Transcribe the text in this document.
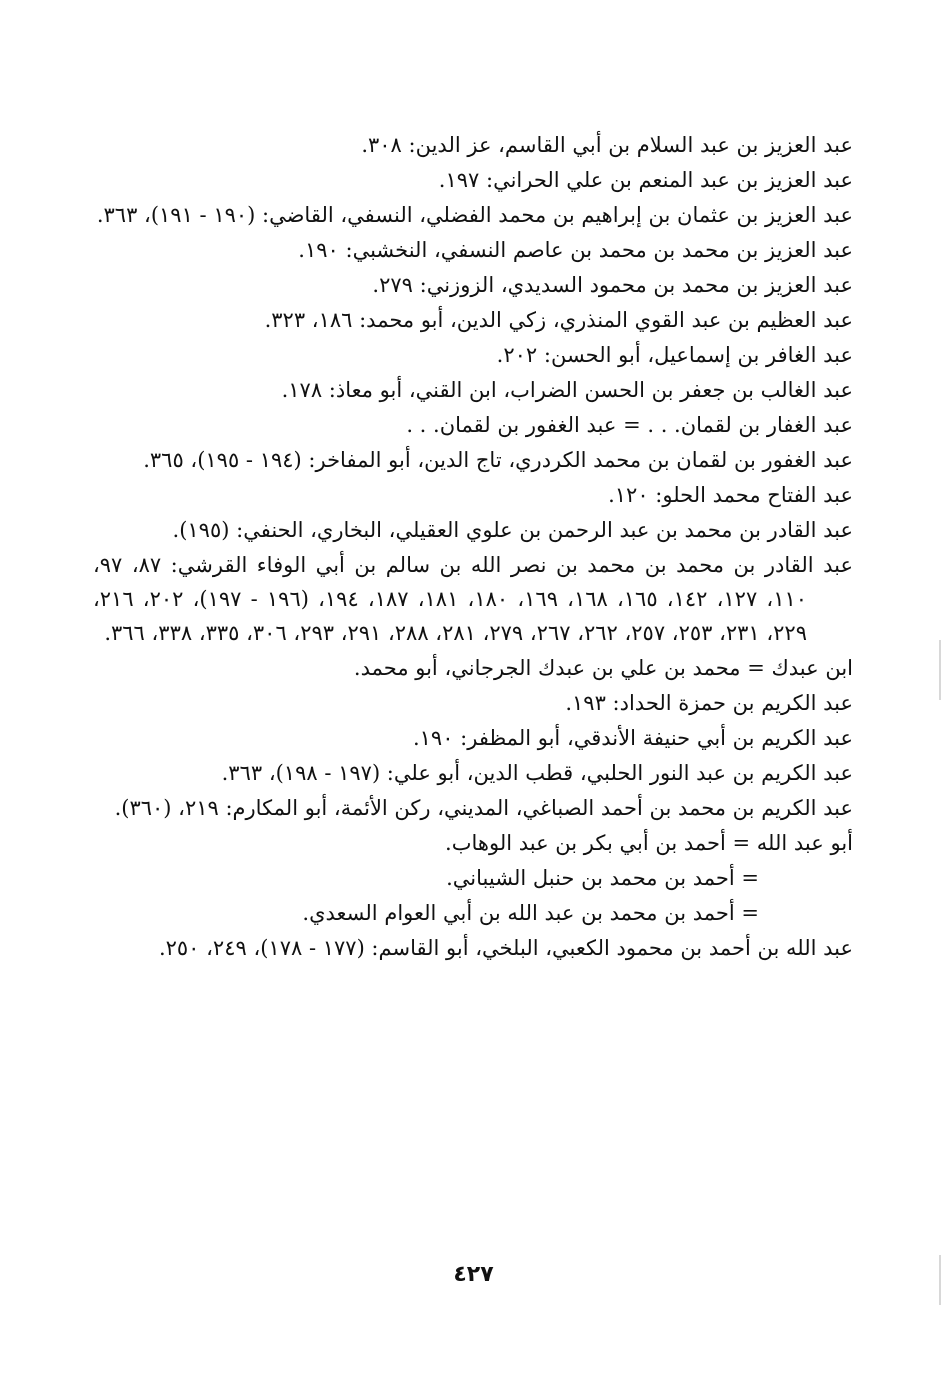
عبد العزيز بن عبد السلام بن أبي القاسم، عز الدين: ٣٠٨.

عبد العزيز بن عبد المنعم بن علي الحراني: ١٩٧.

عبد العزيز بن عثمان بن إبراهيم بن محمد الفضلي، النسفي، القاضي: (١٩٠ - ١٩١)، ٣٦٣.

عبد العزيز بن محمد بن محمد بن عاصم النسفي، النخشبي: ١٩٠.

عبد العزيز بن محمد بن محمود السديدي، الزوزني: ٢٧٩.

عبد العظيم بن عبد القوي المنذري، زكي الدين، أبو محمد: ١٨٦، ٣٢٣.

عبد الغافر بن إسماعيل، أبو الحسن: ٢٠٢.

عبد الغالب بن جعفر بن الحسن الضراب، ابن القني، أبو معاذ: ١٧٨.

عبد الغفار بن لقمان. . . = عبد الغفور بن لقمان. . .

عبد الغفور بن لقمان بن محمد الكردري، تاج الدين، أبو المفاخر: (١٩٤ - ١٩٥)، ٣٦٥.

عبد الفتاح محمد الحلو: ١٢٠.

عبد القادر بن محمد بن عبد الرحمن بن علوي العقيلي، البخاري، الحنفي: (١٩٥).

عبد القادر بن محمد بن محمد بن نصر الله بن سالم بن أبي الوفاء القرشي: ٨٧، ٩٧، ١١٠، ١٢٧، ١٤٢، ١٦٥، ١٦٨، ١٦٩، ١٨٠، ١٨١، ١٨٧، ١٩٤، (١٩٦ - ١٩٧)، ٢٠٢، ٢١٦، ٢٢٩، ٢٣١، ٢٥٣، ٢٥٧، ٢٦٢، ٢٦٧، ٢٧٩، ٢٨١، ٢٨٨، ٢٩١، ٢٩٣، ٣٠٦، ٣٣٥، ٣٣٨، ٣٦٦.

ابن عبدك = محمد بن علي بن عبدك الجرجاني، أبو محمد.

عبد الكريم بن حمزة الحداد: ١٩٣.

عبد الكريم بن أبي حنيفة الأندقي، أبو المظفر: ١٩٠.

عبد الكريم بن عبد النور الحلبي، قطب الدين، أبو علي: (١٩٧ - ١٩٨)، ٣٦٣.

عبد الكريم بن محمد بن أحمد الصباغي، المديني، ركن الأئمة، أبو المكارم: ٢١٩، (٣٦٠).

أبو عبد الله = أحمد بن أبي بكر بن عبد الوهاب.

= أحمد بن محمد بن حنبل الشيباني.

= أحمد بن محمد بن عبد الله بن أبي العوام السعدي.

عبد الله بن أحمد بن محمود الكعبي، البلخي، أبو القاسم: (١٧٧ - ١٧٨)، ٢٤٩، ٢٥٠.

٤٢٧
